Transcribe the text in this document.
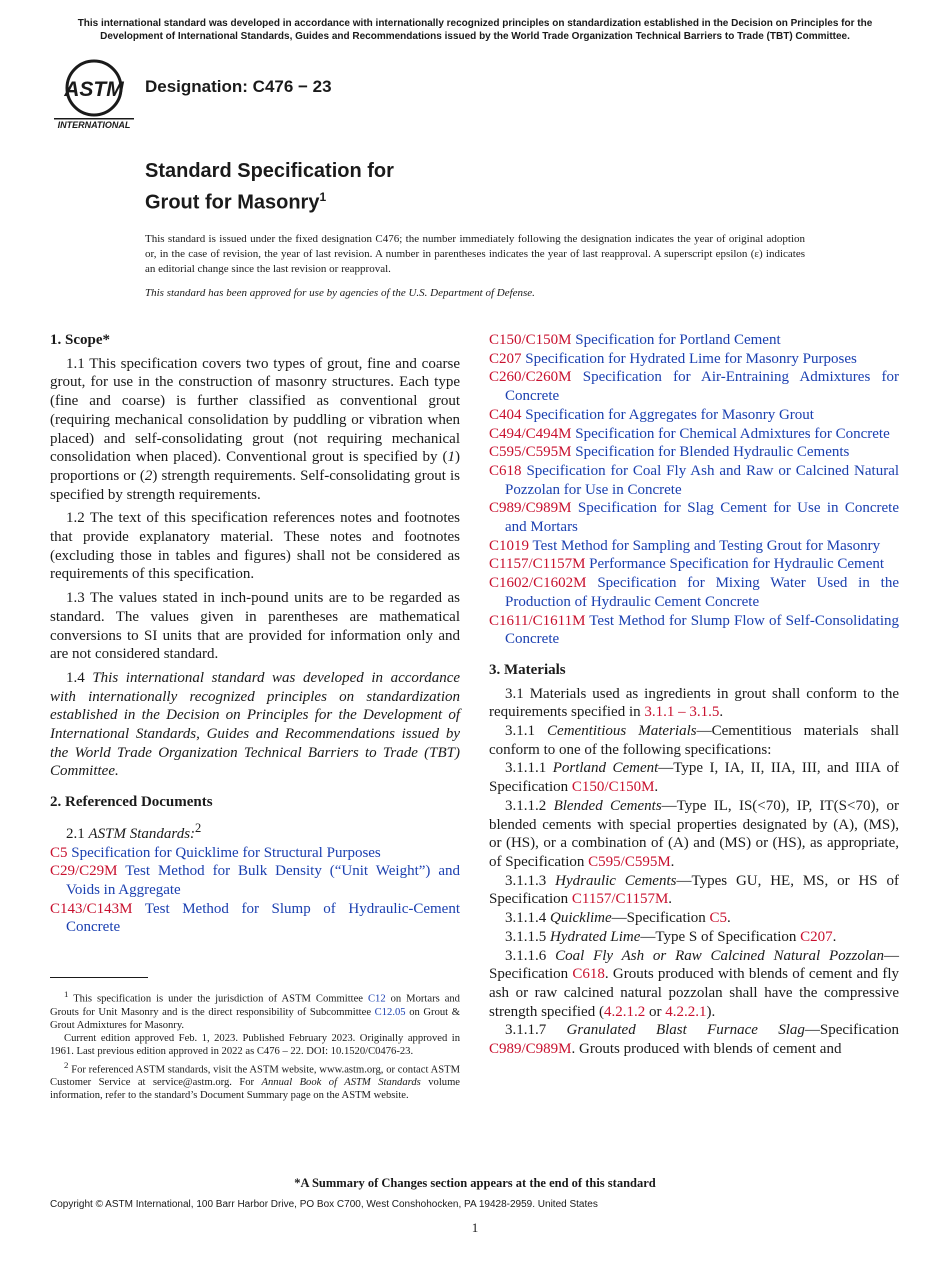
This international standard was developed in accordance with internationally recognized principles on standardization established in the Decision on Principles for the Development of International Standards, Guides and Recommendations issued by the World Trade Organization Technical Barriers to Trade (TBT) Committee.
ASTM
INTERNATIONAL
Designation: C476 − 23
Standard Specification for
Grout for Masonry$^1$
This standard is issued under the fixed designation C476; the number immediately following the designation indicates the year of original adoption or, in the case of revision, the year of last revision. A number in parentheses indicates the year of last reapproval. A superscript epsilon (ε) indicates an editorial change since the last revision or reapproval.
This standard has been approved for use by agencies of the U.S. Department of Defense.

1. Scope*

1.1 This specification covers two types of grout, fine and coarse grout, for use in the construction of masonry structures. Each type (fine and coarse) is further classified as conventional grout (requiring mechanical consolidation by puddling or vibration when placed) and self-consolidating grout (not requiring mechanical consolidation when placed). Conventional grout is specified by (1) proportions or (2) strength requirements. Self-consolidating grout is specified by strength requirements.

1.2 The text of this specification references notes and footnotes that provide explanatory material. These notes and footnotes (excluding those in tables and figures) shall not be considered as requirements of this specification.

1.3 The values stated in inch-pound units are to be regarded as standard. The values given in parentheses are mathematical conversions to SI units that are provided for information only and are not considered standard.

1.4 This international standard was developed in accordance with internationally recognized principles on standardization established in the Decision on Principles for the Development of International Standards, Guides and Recommendations issued by the World Trade Organization Technical Barriers to Trade (TBT) Committee.

2. Referenced Documents

2.1 ASTM Standards:$^2$

C5 Specification for Quicklime for Structural Purposes

C29/C29M Test Method for Bulk Density (“Unit Weight”) and Voids in Aggregate

C143/C143M Test Method for Slump of Hydraulic-Cement Concrete

C150/C150M Specification for Portland Cement

C207 Specification for Hydrated Lime for Masonry Purposes

C260/C260M Specification for Air-Entraining Admixtures for Concrete

C404 Specification for Aggregates for Masonry Grout

C494/C494M Specification for Chemical Admixtures for Concrete

C595/C595M Specification for Blended Hydraulic Cements

C618 Specification for Coal Fly Ash and Raw or Calcined Natural Pozzolan for Use in Concrete

C989/C989M Specification for Slag Cement for Use in Concrete and Mortars

C1019 Test Method for Sampling and Testing Grout for Masonry

C1157/C1157M Performance Specification for Hydraulic Cement

C1602/C1602M Specification for Mixing Water Used in the Production of Hydraulic Cement Concrete

C1611/C1611M Test Method for Slump Flow of Self-Consolidating Concrete

3. Materials

3.1 Materials used as ingredients in grout shall conform to the requirements specified in 3.1.1 – 3.1.5.

3.1.1 Cementitious Materials—Cementitious materials shall conform to one of the following specifications:

3.1.1.1 Portland Cement—Type I, IA, II, IIA, III, and IIIA of Specification C150/C150M.

3.1.1.2 Blended Cements—Type IL, IS(<70), IP, IT(S<70), or blended cements with special properties designated by (A), (MS), or (HS), or a combination of (A) and (MS) or (HS), as appropriate, of Specification C595/C595M.

3.1.1.3 Hydraulic Cements—Types GU, HE, MS, or HS of Specification C1157/C1157M.

3.1.1.4 Quicklime—Specification C5.

3.1.1.5 Hydrated Lime—Type S of Specification C207.

3.1.1.6 Coal Fly Ash or Raw Calcined Natural Pozzolan—Specification C618. Grouts produced with blends of cement and fly ash or raw calcined natural pozzolan shall have the compressive strength specified (4.2.1.2 or 4.2.2.1).

3.1.1.7 Granulated Blast Furnace Slag—Specification C989/C989M. Grouts produced with blends of cement and

$^1$ This specification is under the jurisdiction of ASTM Committee C12 on Mortars and Grouts for Unit Masonry and is the direct responsibility of Subcommittee C12.05 on Grout & Grout Admixtures for Masonry.

Current edition approved Feb. 1, 2023. Published February 2023. Originally approved in 1961. Last previous edition approved in 2022 as C476 – 22. DOI: 10.1520/C0476-23.

$^2$ For referenced ASTM standards, visit the ASTM website, www.astm.org, or contact ASTM Customer Service at service@astm.org. For Annual Book of ASTM Standards volume information, refer to the standard’s Document Summary page on the ASTM website.

*A Summary of Changes section appears at the end of this standard
Copyright © ASTM International, 100 Barr Harbor Drive, PO Box C700, West Conshohocken, PA 19428-2959. United States
1
